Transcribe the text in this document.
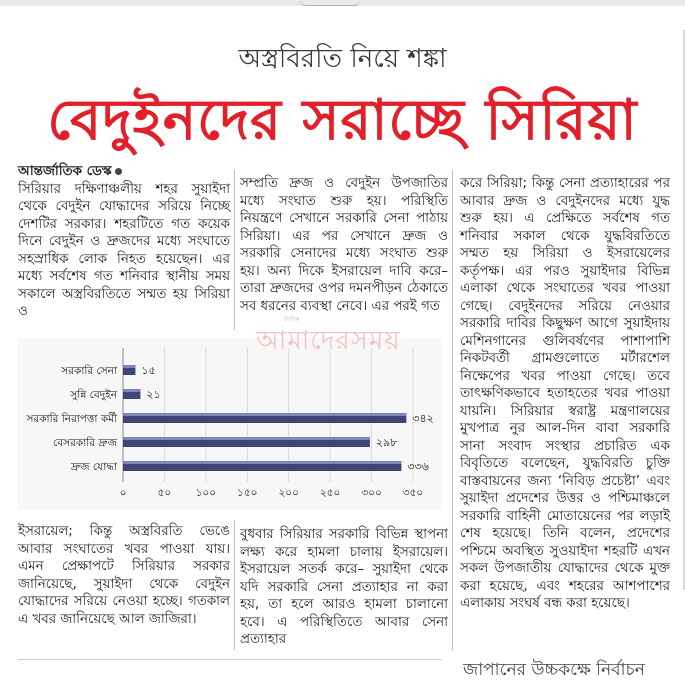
অস্ত্রবিরতি নিয়ে শঙ্কা
বেদুইনদের সরাচ্ছে সিরিয়া

আন্তর্জাতিক ডেস্ক

সিরিয়ার দক্ষিণাঞ্চলীয় শহর সুয়াইদা থেকে বেদুইন যোদ্ধাদের সরিয়ে নিচ্ছে দেশটির সরকার। শহরটিতে গত কয়েক দিনে বেদুইন ও দ্রুজদের মধ্যে সংঘাতে সহস্রাধিক লোক নিহত হয়েছেন। এর মধ্যে সর্বশেষ গত শনিবার স্থানীয় সময় সকালে অস্ত্রবিরতিতে সম্মত হয় সিরিয়া ও

সম্প্রতি দ্রুজ ও বেদুইন উপজাতির মধ্যে সংঘাত শুরু হয়। পরিস্থিতি নিয়ন্ত্রণে সেখানে সরকারি সেনা পাঠায় সিরিয়া। এর পর সেখানে দ্রুজ ও সরকারি সেনাদের মধ্যে সংঘাত শুরু হয়। অন্য দিকে ইসরায়েল দাবি করে– তারা দ্রুজদের ওপর দমনপীড়ন ঠেকাতে সব ধরনের ব্যবস্থা নেবে। এর পরই গত

করে সিরিয়া; কিন্তু সেনা প্রত্যাহারের পর আবার দ্রুজ ও বেদুইনদের মধ্যে যুদ্ধ শুরু হয়। এ প্রেক্ষিতে সর্বশেষ গত শনিবার সকাল থেকে যুদ্ধবিরতিতে সম্মত হয় সিরিয়া ও ইসরায়েলের কর্তৃপক্ষ। এর পরও সুয়াইদার বিভিন্ন এলাকা থেকে সংঘাতের খবর পাওয়া গেছে। বেদুইনদের সরিয়ে নেওয়ার সরকারি দাবির কিছুক্ষণ আগে সুয়াইদায় মেশিনগানের গুলিবর্ষণের পাশাপাশি নিকটবর্তী গ্রামগুলোতে মর্টারশেল নিক্ষেপের খবর পাওয়া গেছে। তবে তাৎক্ষণিকভাবে হতাহতের খবর পাওয়া যায়নি। সিরিয়ার স্বরাষ্ট্র মন্ত্রণালয়ের মুখপাত্র নুর আল-দিন বাবা সরকারি সানা সংবাদ সংস্থার প্রচারিত এক বিবৃতিতে বলেছেন, যুদ্ধবিরতি চুক্তি বাস্তবায়নের জন্য ‘নিবিড় প্রচেষ্টা’ এবং সুয়াইদা প্রদেশের উত্তর ও পশ্চিমাঞ্চলে সরকারি বাহিনী মোতায়েনের পর লড়াই শেষ হয়েছে। তিনি বলেন, প্রদেশের পশ্চিমে অবস্থিত সুওয়াইদা শহরটি এখন সকল উপজাতীয় যোদ্ধাদের থেকে মুক্ত করা হয়েছে, এবং শহরের আশপাশের এলাকায় সংঘর্ষ বন্ধ করা হয়েছে।

০	৫০ ১০০ ১৫০ ২০০ ২৫০ ৩০০ ৩৫০
সরকারি সেনা ১৫
সুন্নি বেদুইন	২১
সরকারি নিরাপত্তা কর্মী	৩৪২
বেসরকারি দ্রুজ	২৯৮
দ্রুজ যোদ্ধা	৩৩৬
আমাদেরসময়
দৈনিক

ইসরায়েল; কিন্তু অস্ত্রবিরতি ভেঙে আবার সংঘাতের খবর পাওয়া যায়। এমন প্রেক্ষাপটে সিরিয়ার সরকার জানিয়েছে, সুয়াইদা থেকে বেদুইন যোদ্ধাদের সরিয়ে নেওয়া হচ্ছে। গতকাল এ খবর জানিয়েছে আল জাজিরা।

বুধবার সিরিয়ার সরকারি বিভিন্ন স্থাপনা লক্ষ্য করে হামলা চালায় ইসরায়েল। ইসরায়েল সতর্ক করে– সুয়াইদা থেকে যদি সরকারি সেনা প্রত্যাহার না করা হয়, তা হলে আরও হামলা চালানো হবে। এ পরিস্থিতিতে আবার সেনা প্রত্যাহার

জাপানের উচ্চকক্ষে নির্বাচন
